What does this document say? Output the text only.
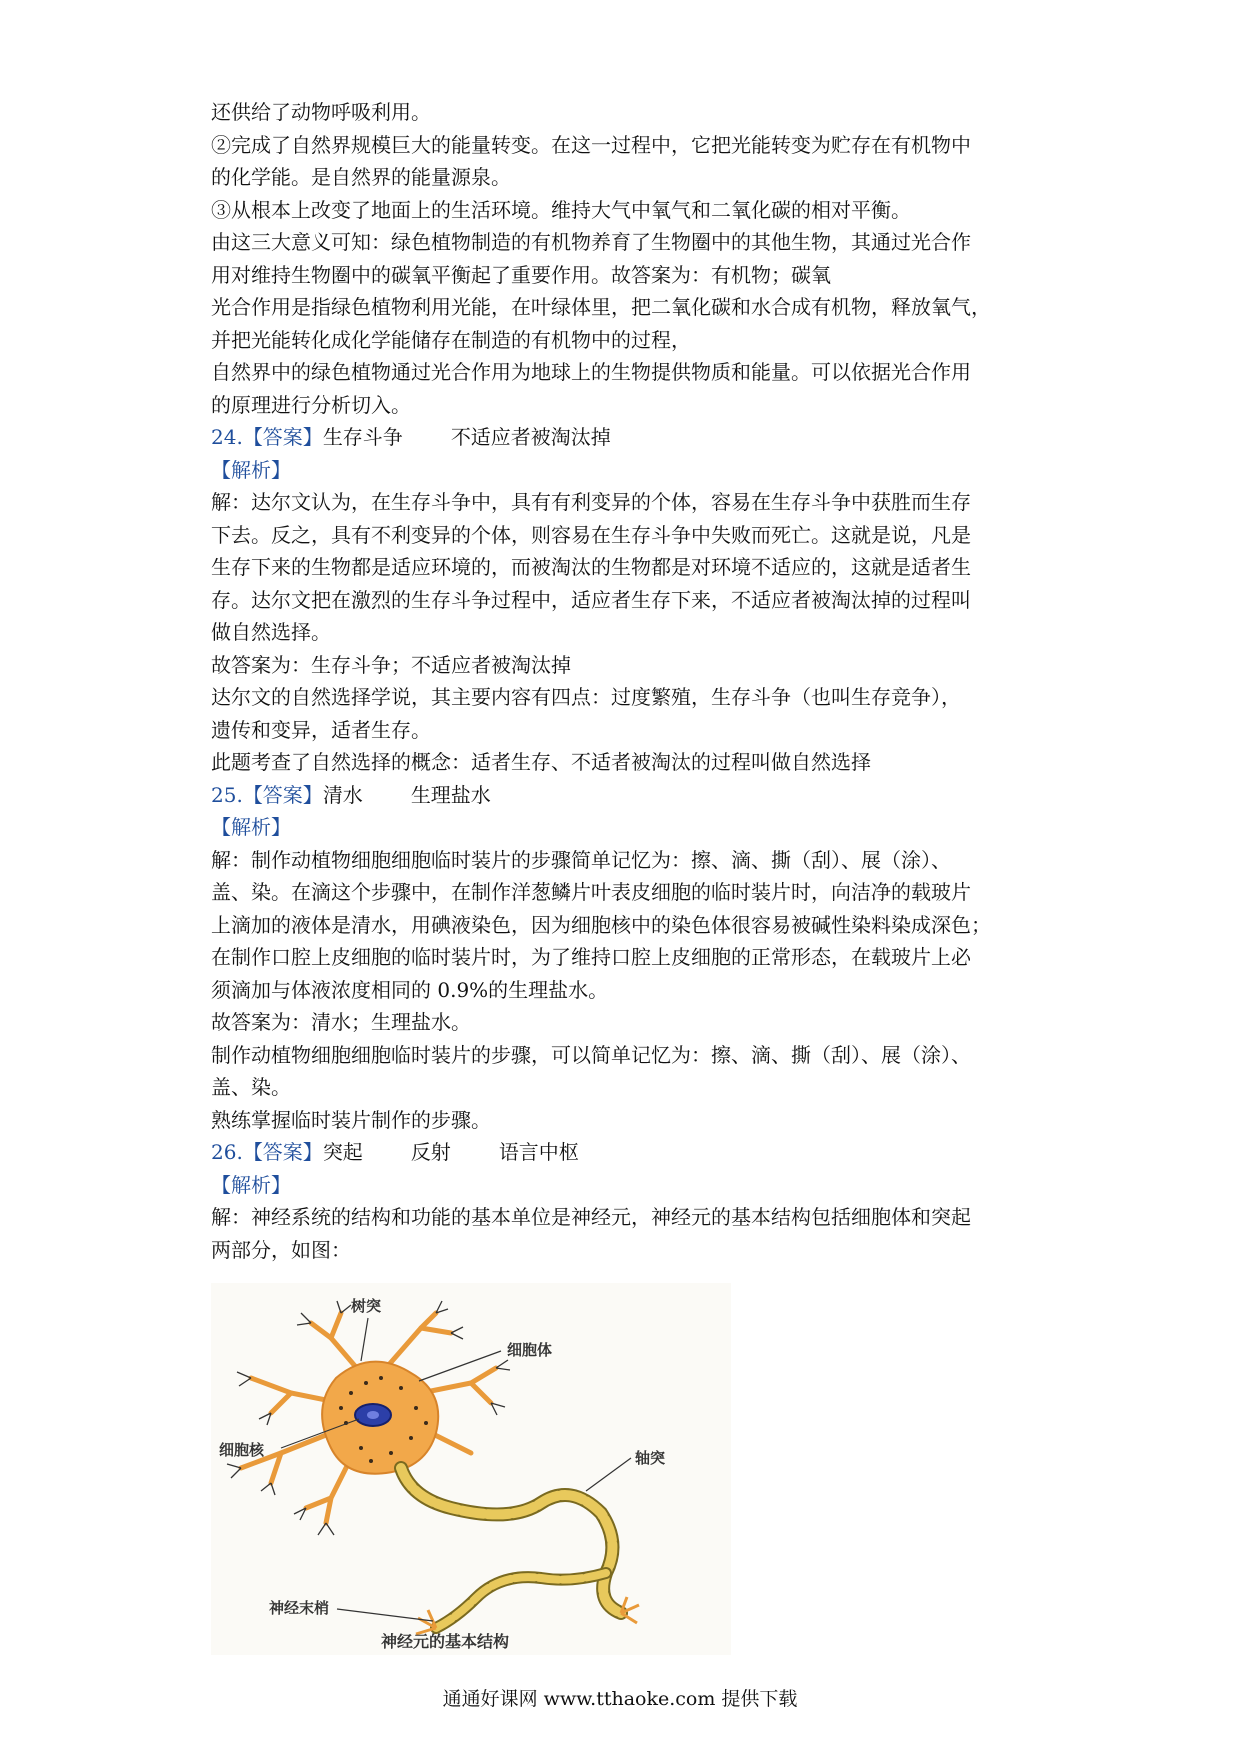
还供给了动物呼吸利用。
②完成了自然界规模巨大的能量转变。在这一过程中，它把光能转变为贮存在有机物中
的化学能。是自然界的能量源泉。
③从根本上改变了地面上的生活环境。维持大气中氧气和二氧化碳的相对平衡。
由这三大意义可知：绿色植物制造的有机物养育了生物圈中的其他生物，其通过光合作
用对维持生物圈中的碳氧平衡起了重要作用。故答案为：有机物；碳氧
光合作用是指绿色植物利用光能，在叶绿体里，把二氧化碳和水合成有机物，释放氧气，
并把光能转化成化学能储存在制造的有机物中的过程，
自然界中的绿色植物通过光合作用为地球上的生物提供物质和能量。可以依据光合作用
的原理进行分析切入。
24.【答案】生存斗争 不适应者被淘汰掉
【解析】
解：达尔文认为，在生存斗争中，具有有利变异的个体，容易在生存斗争中获胜而生存
下去。反之，具有不利变异的个体，则容易在生存斗争中失败而死亡。这就是说，凡是
生存下来的生物都是适应环境的，而被淘汰的生物都是对环境不适应的，这就是适者生
存。达尔文把在激烈的生存斗争过程中，适应者生存下来，不适应者被淘汰掉的过程叫
做自然选择。
故答案为：生存斗争；不适应者被淘汰掉
达尔文的自然选择学说，其主要内容有四点：过度繁殖，生存斗争（也叫生存竞争），
遗传和变异，适者生存。
此题考查了自然选择的概念：适者生存、不适者被淘汰的过程叫做自然选择
25.【答案】清水 生理盐水
【解析】
解：制作动植物细胞细胞临时装片的步骤简单记忆为：擦、滴、撕（刮）、展（涂）、
盖、染。在滴这个步骤中，在制作洋葱鳞片叶表皮细胞的临时装片时，向洁净的载玻片
上滴加的液体是清水，用碘液染色，因为细胞核中的染色体很容易被碱性染料染成深色；
在制作口腔上皮细胞的临时装片时，为了维持口腔上皮细胞的正常形态，在载玻片上必
须滴加与体液浓度相同的 0.9%的生理盐水。
故答案为：清水；生理盐水。
制作动植物细胞细胞临时装片的步骤，可以简单记忆为：擦、滴、撕（刮）、展（涂）、
盖、染。
熟练掌握临时装片制作的步骤。
26.【答案】突起 反射 语言中枢
【解析】
解：神经系统的结构和功能的基本单位是神经元，神经元的基本结构包括细胞体和突起
两部分，如图：
树突
细胞体
细胞核	轴突
神经末梢
神经元的基本结构
通通好课网 www.tthaoke.com 提供下载
